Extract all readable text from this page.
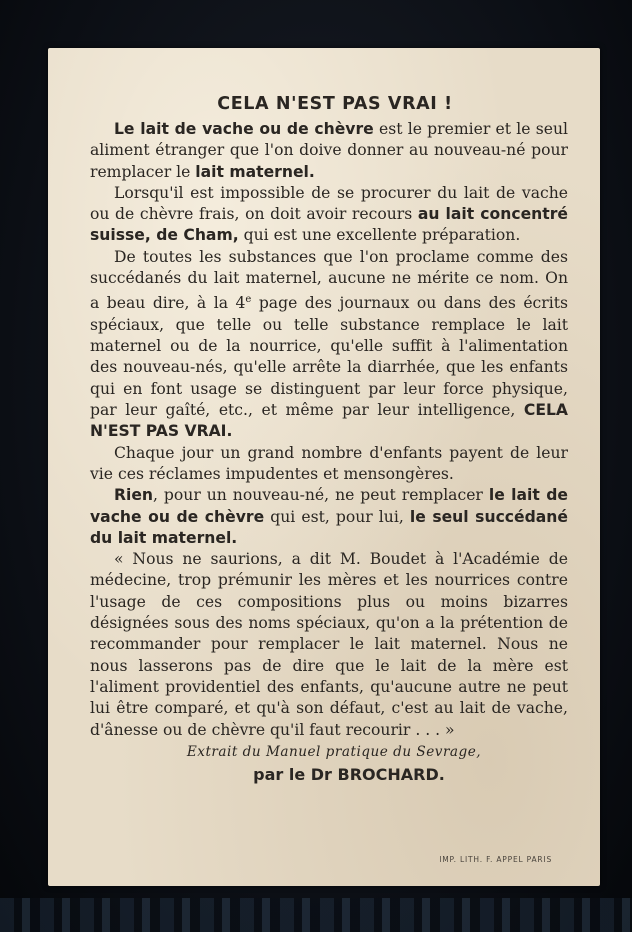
CELA N'EST PAS VRAI !

Le lait de vache ou de chèvre est le premier et le seul aliment étranger que l'on doive donner au nouveau-né pour remplacer le lait maternel.

Lorsqu'il est impossible de se procurer du lait de vache ou de chèvre frais, on doit avoir recours au lait concentré suisse, de Cham, qui est une excellente préparation.

De toutes les substances que l'on proclame comme des succédanés du lait maternel, aucune ne mérite ce nom. On a beau dire, à la 4e page des journaux ou dans des écrits spéciaux, que telle ou telle substance remplace le lait maternel ou de la nourrice, qu'elle suffit à l'alimentation des nouveau-nés, qu'elle arrête la diarrhée, que les enfants qui en font usage se distinguent par leur force physique, par leur gaîté, etc., et même par leur intelligence, CELA N'EST PAS VRAI.

Chaque jour un grand nombre d'enfants payent de leur vie ces réclames impudentes et mensongères.

Rien, pour un nouveau-né, ne peut remplacer le lait de vache ou de chèvre qui est, pour lui, le seul succédané du lait maternel.

« Nous ne saurions, a dit M. Boudet à l'Académie de médecine, trop prémunir les mères et les nourrices contre l'usage de ces compositions plus ou moins bizarres désignées sous des noms spéciaux, qu'on a la prétention de recommander pour remplacer le lait maternel. Nous ne nous lasserons pas de dire que le lait de la mère est l'aliment providentiel des enfants, qu'aucune autre ne peut lui être comparé, et qu'à son défaut, c'est au lait de vache, d'ânesse ou de chèvre qu'il faut recourir . . . »

Extrait du Manuel pratique du Sevrage,
par le Dr BROCHARD.
IMP. LITH. F. APPEL PARIS
